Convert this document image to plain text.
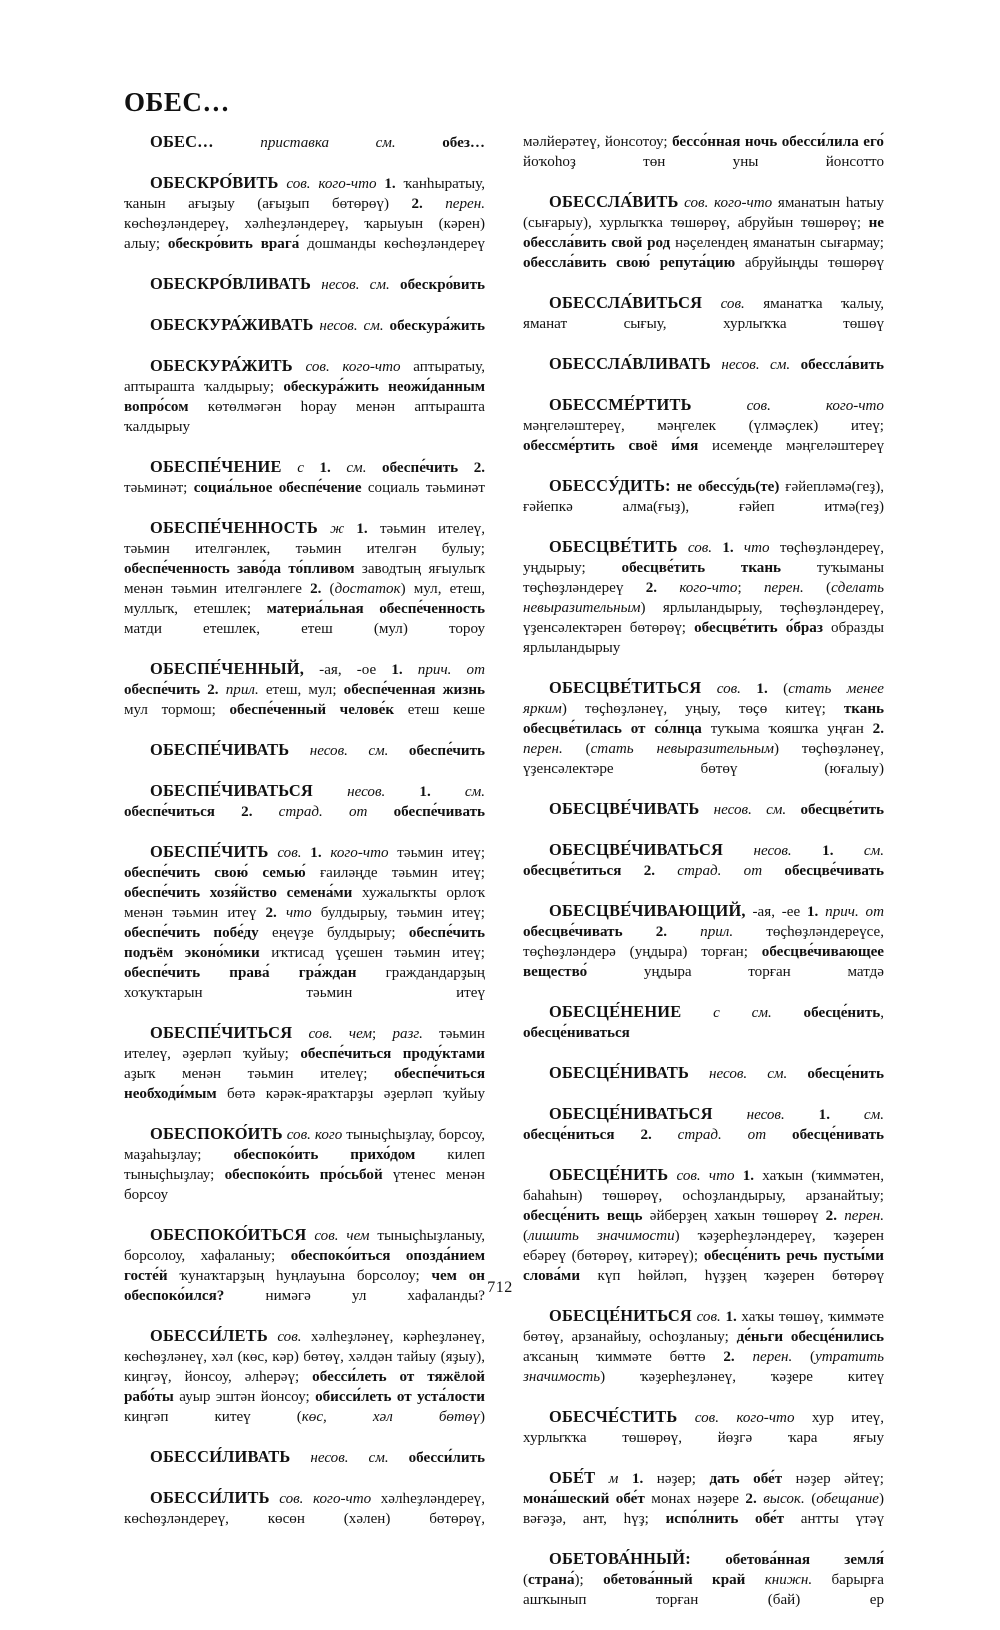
ОБЕС…

ОБЕС…	приставка см.	обез…

ОБЕСКРО́ВИТЬ сов. кого-что 1. ҡанһыратыу, ҡанын ағыҙыу (ағыҙып бөтөрөү) 2. перен. көсһөҙләндереү, хәлһеҙләндереү, ҡарыуын (кәрен) алыу; обескро́вить врага́ дошманды көсһөҙләндереү

ОБЕСКРО́ВЛИВАТЬ несов. см. обескро́вить

ОБЕСКУРА́ЖИВАТЬ несов. см. обескура́жить

ОБЕСКУРА́ЖИТЬ сов. кого-что аптыратыу, аптырашта ҡалдырыу; обескура́жить неожи́данным вопро́сом көтөлмәгән һорау менән аптырашта ҡалдырыу

ОБЕСПЕ́ЧЕНИЕ с 1. см. обеспе́чить 2. тәьминәт; социа́льное обеспе́чение социаль тәьминәт

ОБЕСПЕ́ЧЕННОСТЬ ж 1. тәьмин ителеү, тәьмин ителгәнлек, тәьмин ителгән булыу; обеспе́ченность заво́да то́пливом заводтың яғыулыҡ менән тәьмин ителгәнлеге 2. (достаток) мул, етеш, муллыҡ, етешлек; материа́льная обеспе́ченность матди етешлек, етеш (мул) тороу

ОБЕСПЕ́ЧЕННЫЙ, -ая, -ое 1. прич. от обеспе́чить 2. прил. етеш, мул; обеспе́ченная жизнь мул тормош; обеспе́ченный челове́к етеш кеше

ОБЕСПЕ́ЧИВАТЬ несов. см. обеспе́чить

ОБЕСПЕ́ЧИВАТЬСЯ несов. 1. см. обеспе́читься 2. страд. от обеспе́чивать

ОБЕСПЕ́ЧИТЬ сов. 1. кого-что тәьмин итеү; обеспе́чить свою́ семью́ ғаиләңде тәьмин итеү; обеспе́чить хозя́йство семена́ми хужалыҡты орлоҡ менән тәьмин итеү 2. что булдырыу, тәьмин итеү; обеспе́чить побе́ду еңеүҙе булдырыу; обеспе́чить подъём эконо́мики иҡтисад үҫешен тәьмин итеү; обеспе́чить права́ гра́ждан граждандарҙың хоҡуҡтарын тәьмин итеү

ОБЕСПЕ́ЧИТЬСЯ сов. чем; разг. тәьмин ителеү, әҙерләп ҡуйыу; обеспе́читься проду́ктами аҙыҡ менән тәьмин ителеү; обеспе́читься необходи́мым бөтә кәрәк-яраҡтарҙы әҙерләп ҡуйыу

ОБЕСПОКО́ИТЬ сов. кого тыныҫһыҙлау, борсоу, маҙаһыҙлау; обеспоко́ить прихо́дом килеп тыныҫһыҙлау; обеспоко́ить про́сьбой үтенес менән борсоу

ОБЕСПОКО́ИТЬСЯ сов. чем тыныҫһыҙланыу, борсолоу, хафаланыу; обеспоко́иться опозда́нием госте́й ҡунаҡтарҙың һуңлауына борсолоу; чем он обеспоко́ился? нимәгә ул хафаланды?

ОБЕССИ́ЛЕТЬ сов. хәлһеҙләнеү, кәрһеҙләнеү, көсһөҙләнеү, хәл (көс, кәр) бөтөү, хәлдән тайыу (яҙыу), киңгәү, йонсоу, әлһерәү; обесси́леть от тяжёлой рабо́ты ауыр эштән йонсоу; обисси́леть от уста́лости киңгәп китеү (көс, хәл бөтөү)

ОБЕССИ́ЛИВАТЬ несов. см. обесси́лить

ОБЕССИ́ЛИТЬ сов. кого-что хәлһеҙләндереү, көсһөҙләндереү, көсөн (хәлен) бөтөрөү,

мәлйерәтеү, йонсотоу; бессо́нная ночь обесси́лила его́ йоҡоһоҙ төн уны йонсотто

ОБЕССЛА́ВИТЬ сов. кого-что яманатын һатыу (сығарыу), хурлыҡҡа төшөрөү, абруйын төшөрөү; не обессла́вить свой род нәҫелендең яманатын сығармау; обессла́вить свою́ репута́цию абруйыңды төшөрөү

ОБЕССЛА́ВИТЬСЯ сов. яманатҡа ҡалыу, яманат сығыу, хурлыҡҡа төшөү

ОБЕССЛА́ВЛИВАТЬ несов. см. обессла́вить

ОБЕССМЕ́РТИТЬ	сов. кого-что мәңгеләштереү, мәңгелек (үлмәҫлек) итеү; обессме́ртить своё и́мя исемеңде мәңгеләштереү

ОБЕССУ́ДИТЬ: не обессу́дь(те) ғәйепләмә(геҙ), ғәйепкә алма(ғыҙ), ғәйеп итмә(геҙ)

ОБЕСЦВЕ́ТИТЬ сов. 1. что төҫһөҙләндереү, уңдырыу; обесцве́тить ткань туҡыманы төҫһөҙләндереү 2. кого-что; перен. (сделать невыразительным) ярлыландырыу, төҫһөҙләндереү, үҙенсәлектәрен бөтөрөү; обесцве́тить о́браз образды ярлыландырыу

ОБЕСЦВЕ́ТИТЬСЯ сов. 1. (стать менее ярким) төҫһөҙләнеү, уңыу, төҫө китеү; ткань обесцве́тилась от со́лнца туҡыма ҡояшҡа уңған 2. перен. (стать невыразительным) төҫһөҙләнеү, үҙенсәлектәре бөтөү (юғалыу)

ОБЕСЦВЕ́ЧИВАТЬ несов. см. обесцве́тить

ОБЕСЦВЕ́ЧИВАТЬСЯ несов. 1. см. обесцве́титься 2. страд. от обесцве́чивать

ОБЕСЦВЕ́ЧИВАЮЩИЙ, -ая, -ее 1. прич. от обесцве́чивать 2. прил. төҫһөҙләндереүсе, төҫһөҙләндерә (уңдыра) торған; обесцве́чивающее вещество́ уңдыра торған матдә

ОБЕСЦЕ́НЕНИЕ с см. обесце́нить, обесце́ниваться

ОБЕСЦЕ́НИВАТЬ несов. см. обесце́нить

ОБЕСЦЕ́НИВАТЬСЯ несов. 1. см. обесце́ниться 2. страд. от обесце́нивать

ОБЕСЦЕ́НИТЬ сов. что 1. хаҡын (ҡиммәтен, баһаһын) төшөрөү, осһоҙландырыу, арзанайтыу; обесце́нить вещь әйберҙең хаҡын төшөрөү 2. перен. (лишить значимости) ҡәҙерһеҙләндереү, ҡәҙерен ебәреү (бөтөрөү, китәреү); обесце́нить речь пусты́ми слова́ми күп һөйләп, һүҙҙең ҡәҙерен бөтөрөү

ОБЕСЦЕ́НИТЬСЯ сов. 1. хаҡы төшөү, ҡиммәте бөтөү, арзанайыу, осһоҙланыу; де́ньги обесце́нились аҡсаның ҡиммәте бөттө 2. перен. (утратить значимость) ҡәҙерһеҙләнеү, ҡәҙере китеү

ОБЕСЧЕ́СТИТЬ сов. кого-что хур итеү, хурлыҡҡа төшөрөү, йөҙгә ҡара яғыу

ОБЕ́Т м 1. нәҙер; дать обе́т нәҙер әйтеү; мона́шеский обе́т монах нәҙере 2. высок. (обещание) вәғәҙә, ант, һүҙ; испо́лнить обе́т антты үтәү

ОБЕТОВА́ННЫЙ: обетова́нная земля́ (страна́); обетова́нный край книжн. барырға ашҡынып торған (бай) ер

712
